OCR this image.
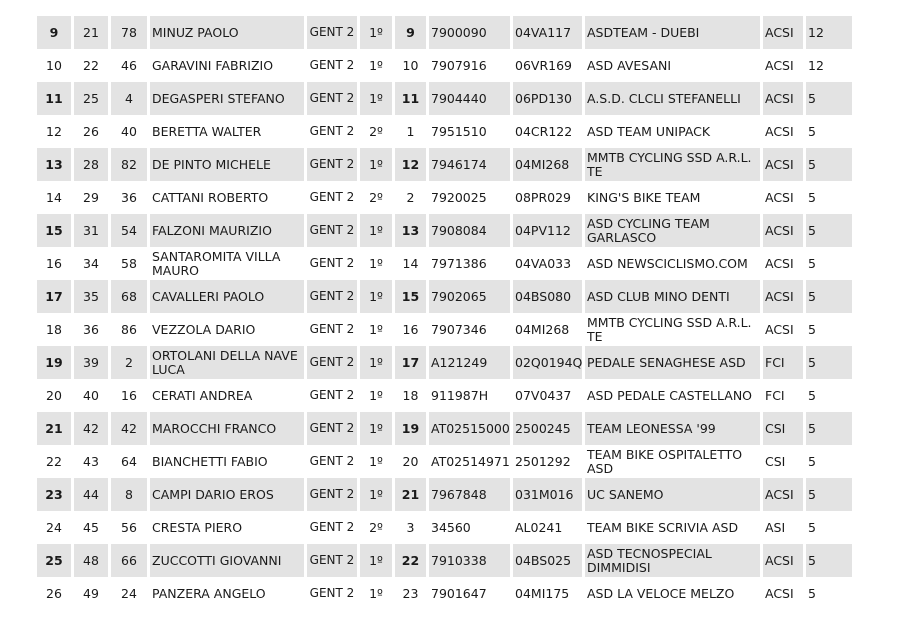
9	21	78	MINUZ PAOLO	GENT 2	1º	9	7900090	04VA117	ASDTEAM - DUEBI	ACSI	12
10	22	46	GARAVINI FABRIZIO	GENT 2	1º	10	7907916	06VR169	ASD AVESANI	ACSI	12
11	25	4	DEGASPERI STEFANO	GENT 2	1º	11	7904440	06PD130	A.S.D. CLCLI STEFANELLI	ACSI	5
12	26	40	BERETTA WALTER	GENT 2	2º	1	7951510	04CR122	ASD TEAM UNIPACK	ACSI	5
13	28	82	DE PINTO MICHELE	GENT 2	1º	12	7946174	04MI268	MMTB CYCLING SSD A.R.L. TE	ACSI	5
14	29	36	CATTANI ROBERTO	GENT 2	2º	2	7920025	08PR029	KING'S BIKE TEAM	ACSI	5
15	31	54	FALZONI MAURIZIO	GENT 2	1º	13	7908084	04PV112	ASD CYCLING TEAM GARLASCO	ACSI	5
16	34	58	SANTAROMITA VILLA MAURO	GENT 2	1º	14	7971386	04VA033	ASD NEWSCICLISMO.COM	ACSI	5
17	35	68	CAVALLERI PAOLO	GENT 2	1º	15	7902065	04BS080	ASD CLUB MINO DENTI	ACSI	5
18	36	86	VEZZOLA DARIO	GENT 2	1º	16	7907346	04MI268	MMTB CYCLING SSD A.R.L. TE	ACSI	5
19	39	2	ORTOLANI DELLA NAVE LUCA	GENT 2	1º	17	A121249	02Q0194Q	PEDALE SENAGHESE ASD	FCI	5
20	40	16	CERATI ANDREA	GENT 2	1º	18	911987H	07V0437	ASD PEDALE CASTELLANO	FCI	5
21	42	42	MAROCCHI FRANCO	GENT 2	1º	19	AT02515000	2500245	TEAM LEONESSA '99	CSI	5
22	43	64	BIANCHETTI FABIO	GENT 2	1º	20	AT02514971	2501292	TEAM BIKE OSPITALETTO ASD	CSI	5
23	44	8	CAMPI DARIO EROS	GENT 2	1º	21	7967848	031M016	UC SANEMO	ACSI	5
24	45	56	CRESTA PIERO	GENT 2	2º	3	34560	AL0241	TEAM BIKE SCRIVIA ASD	ASI	5
25	48	66	ZUCCOTTI GIOVANNI	GENT 2	1º	22	7910338	04BS025	ASD TECNOSPECIAL DIMMIDISI	ACSI	5
26	49	24	PANZERA ANGELO	GENT 2	1º	23	7901647	04MI175	ASD LA VELOCE MELZO	ACSI	5
